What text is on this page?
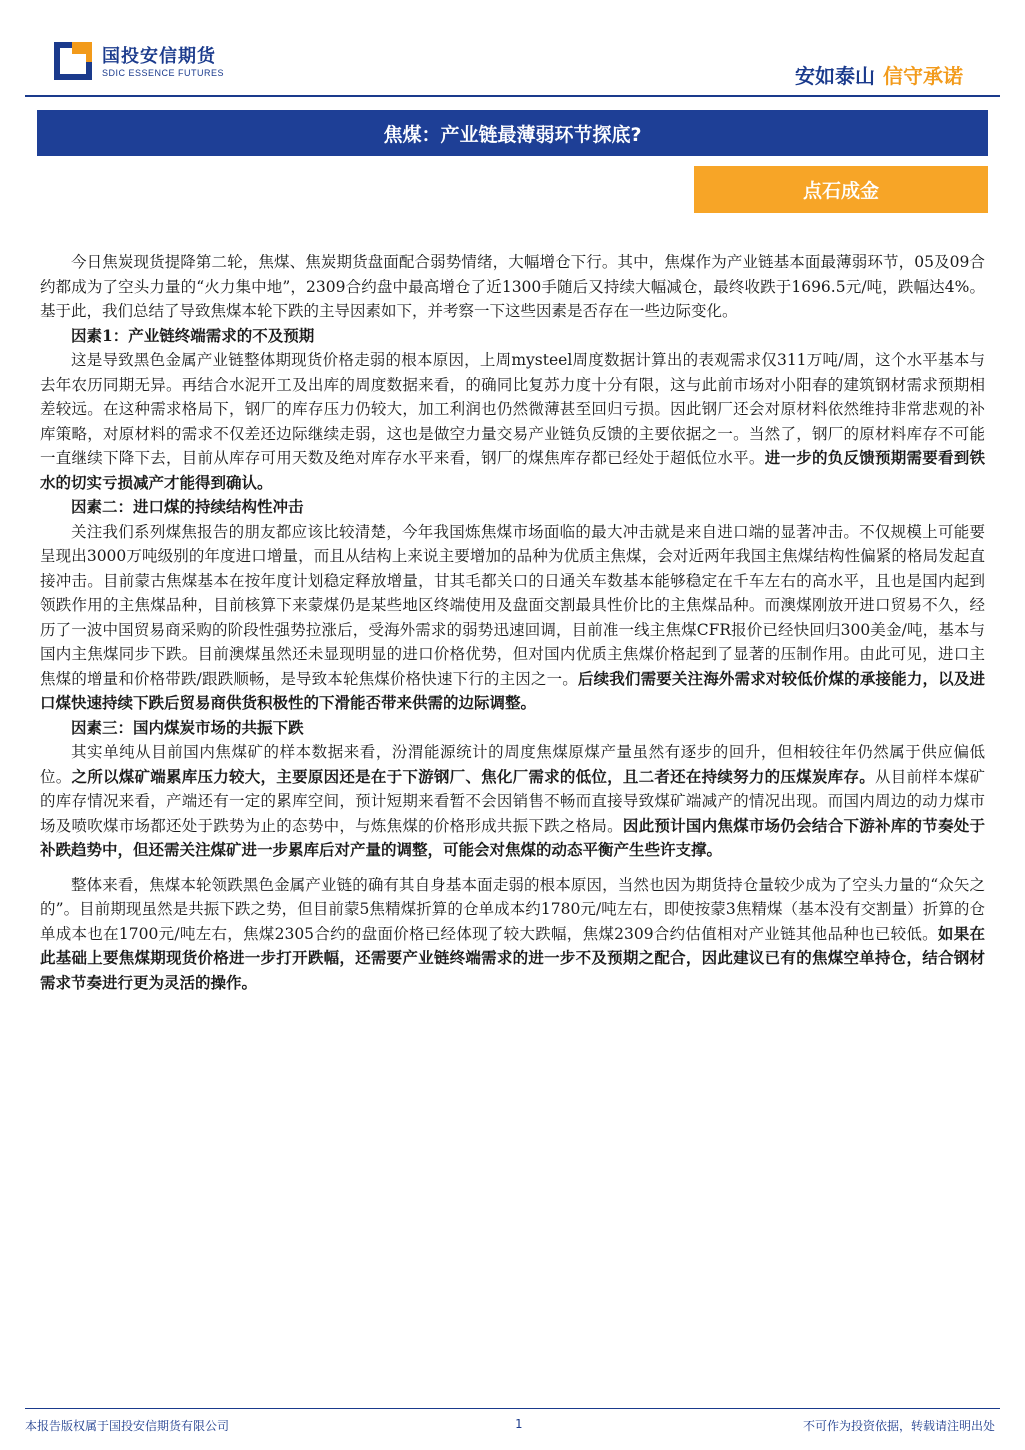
国投安信期货
SDIC ESSENCE FUTURES	安如泰山 信守承诺
焦煤：产业链最薄弱环节探底?
点石成金

今日焦炭现货提降第二轮，焦煤、焦炭期货盘面配合弱势情绪，大幅增仓下行。其中，焦煤作为产业链基本面最薄弱环节，05及09合约都成为了空头力量的“火力集中地”，2309合约盘中最高增仓了近1300手随后又持续大幅减仓，最终收跌于1696.5元/吨，跌幅达4%。基于此，我们总结了导致焦煤本轮下跌的主导因素如下，并考察一下这些因素是否存在一些边际变化。

因素1：产业链终端需求的不及预期

这是导致黑色金属产业链整体期现货价格走弱的根本原因，上周mysteel周度数据计算出的表观需求仅311万吨/周，这个水平基本与去年农历同期无异。再结合水泥开工及出库的周度数据来看，的确同比复苏力度十分有限，这与此前市场对小阳春的建筑钢材需求预期相差较远。在这种需求格局下，钢厂的库存压力仍较大，加工利润也仍然微薄甚至回归亏损。因此钢厂还会对原材料依然维持非常悲观的补库策略，对原材料的需求不仅差还边际继续走弱，这也是做空力量交易产业链负反馈的主要依据之一。当然了，钢厂的原材料库存不可能一直继续下降下去，目前从库存可用天数及绝对库存水平来看，钢厂的煤焦库存都已经处于超低位水平。进一步的负反馈预期需要看到铁水的切实亏损减产才能得到确认。

因素二：进口煤的持续结构性冲击

关注我们系列煤焦报告的朋友都应该比较清楚，今年我国炼焦煤市场面临的最大冲击就是来自进口端的显著冲击。不仅规模上可能要呈现出3000万吨级别的年度进口增量，而且从结构上来说主要增加的品种为优质主焦煤，会对近两年我国主焦煤结构性偏紧的格局发起直接冲击。目前蒙古焦煤基本在按年度计划稳定释放增量，甘其毛都关口的日通关车数基本能够稳定在千车左右的高水平，且也是国内起到领跌作用的主焦煤品种，目前核算下来蒙煤仍是某些地区终端使用及盘面交割最具性价比的主焦煤品种。而澳煤刚放开进口贸易不久，经历了一波中国贸易商采购的阶段性强势拉涨后，受海外需求的弱势迅速回调，目前准一线主焦煤CFR报价已经快回归300美金/吨，基本与国内主焦煤同步下跌。目前澳煤虽然还未显现明显的进口价格优势，但对国内优质主焦煤价格起到了显著的压制作用。由此可见，进口主焦煤的增量和价格带跌/跟跌顺畅，是导致本轮焦煤价格快速下行的主因之一。后续我们需要关注海外需求对较低价煤的承接能力，以及进口煤快速持续下跌后贸易商供货积极性的下滑能否带来供需的边际调整。

因素三：国内煤炭市场的共振下跌

其实单纯从目前国内焦煤矿的样本数据来看，汾渭能源统计的周度焦煤原煤产量虽然有逐步的回升，但相较往年仍然属于供应偏低位。之所以煤矿端累库压力较大，主要原因还是在于下游钢厂、焦化厂需求的低位，且二者还在持续努力的压煤炭库存。从目前样本煤矿的库存情况来看，产端还有一定的累库空间，预计短期来看暂不会因销售不畅而直接导致煤矿端减产的情况出现。而国内周边的动力煤市场及喷吹煤市场都还处于跌势为止的态势中，与炼焦煤的价格形成共振下跌之格局。因此预计国内焦煤市场仍会结合下游补库的节奏处于补跌趋势中，但还需关注煤矿进一步累库后对产量的调整，可能会对焦煤的动态平衡产生些许支撑。

整体来看，焦煤本轮领跌黑色金属产业链的确有其自身基本面走弱的根本原因，当然也因为期货持仓量较少成为了空头力量的“众矢之的”。目前期现虽然是共振下跌之势，但目前蒙5焦精煤折算的仓单成本约1780元/吨左右，即使按蒙3焦精煤（基本没有交割量）折算的仓单成本也在1700元/吨左右，焦煤2305合约的盘面价格已经体现了较大跌幅，焦煤2309合约估值相对产业链其他品种也已较低。如果在此基础上要焦煤期现货价格进一步打开跌幅，还需要产业链终端需求的进一步不及预期之配合，因此建议已有的焦煤空单持仓，结合钢材需求节奏进行更为灵活的操作。

本报告版权属于国投安信期货有限公司	1	不可作为投资依据，转载请注明出处
